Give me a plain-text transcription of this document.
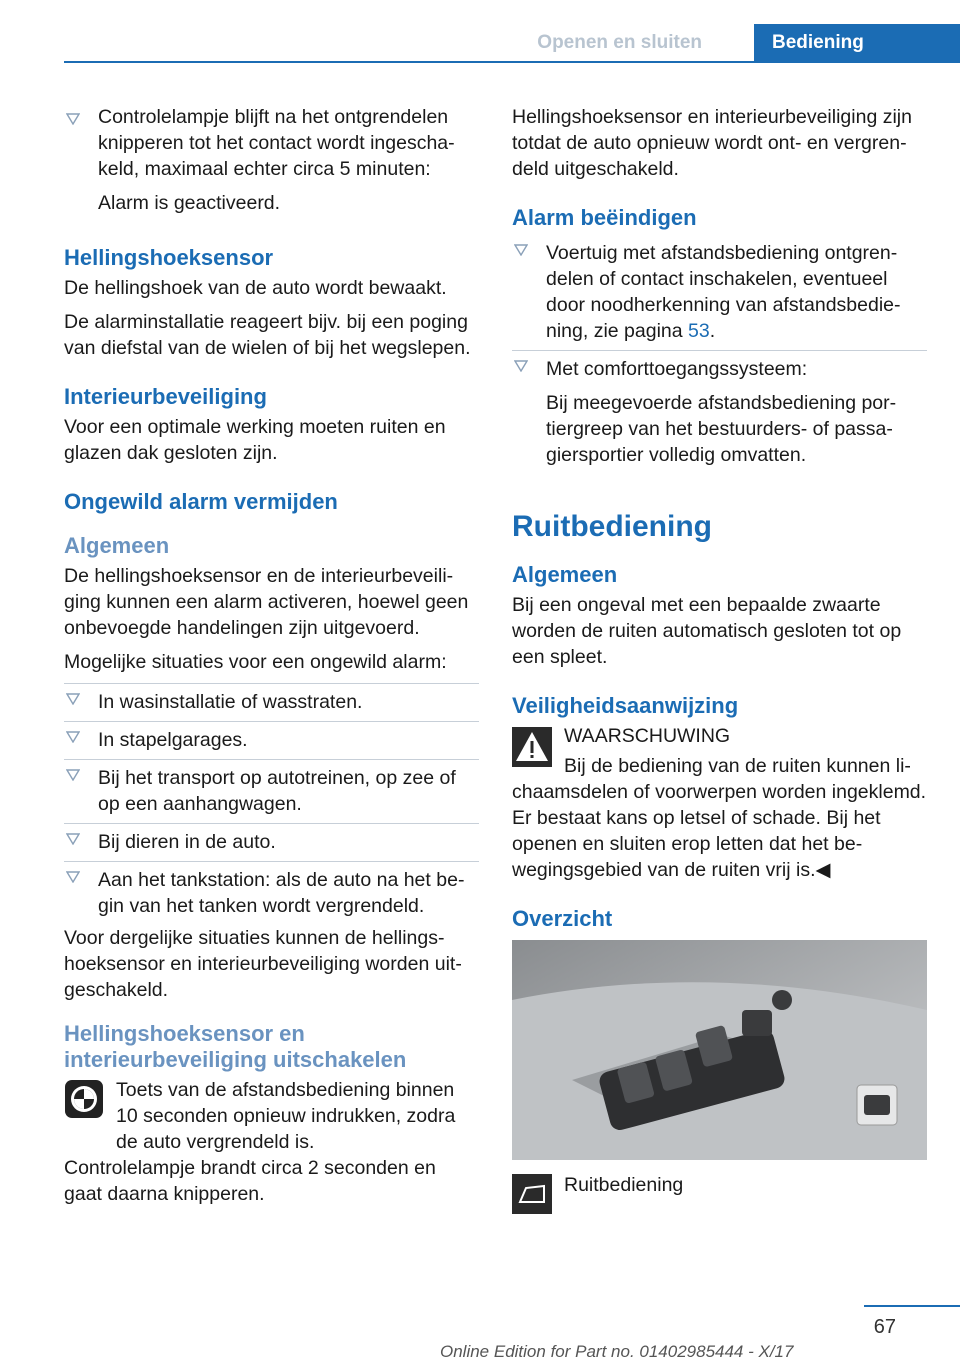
Openen en sluiten	Bediening
Controlelampje blijft na het ontgrendelen knipperen tot het contact wordt ingeschakeld, maximaal echter circa 5 minuten:
Alarm is geactiveerd.
Hellingshoeksensor

De hellingshoek van de auto wordt bewaakt.

De alarminstallatie reageert bijv. bij een poging van diefstal van de wielen of bij het wegslepen.

Interieurbeveiliging

Voor een optimale werking moeten ruiten en glazen dak gesloten zijn.

Ongewild alarm vermijden
Algemeen

De hellingshoeksensor en de interieurbeveiliging kunnen een alarm activeren, hoewel geen onbevoegde handelingen zijn uitgevoerd.

Mogelijke situaties voor een ongewild alarm:

In wasinstallatie of wasstraten.
In stapelgarages.
Bij het transport op autotreinen, op zee of op een aanhangwagen.
Bij dieren in de auto.
Aan het tankstation: als de auto na het begin van het tanken wordt vergrendeld.

Voor dergelijke situaties kunnen de hellingshoeksensor en interieurbeveiliging worden uitgeschakeld.

Hellingshoeksensor en interieurbeveiliging uitschakelen
Toets van de afstandsbediening binnen 10 seconden opnieuw indrukken, zodra de auto vergrendeld is.

Controlelampje brandt circa 2 seconden en gaat daarna knipperen.

Hellingshoeksensor en interieurbeveiliging zijn totdat de auto opnieuw wordt ont- en vergrendeld uitgeschakeld.

Alarm beëindigen
Voertuig met afstandsbediening ontgrendelen of contact inschakelen, eventueel door noodherkenning van afstandsbediening, zie pagina 53.
Met comforttoegangssysteem:
Bij meegevoerde afstandsbediening portiergreep van het bestuurders- of passagiersportier volledig omvatten.
Ruitbediening
Algemeen

Bij een ongeval met een bepaalde zwaarte worden de ruiten automatisch gesloten tot op een spleet.

Veiligheidsaanwijzing
WAARSCHUWING

Bij de bediening van de ruiten kunnen lichaamsdelen of voorwerpen worden ingeklemd. Er bestaat kans op letsel of schade. Bij het openen en sluiten erop letten dat het bewegingsgebied van de ruiten vrij is.◀

Overzicht
Ruitbediening
67
Online Edition for Part no. 01402985444 - X/17
